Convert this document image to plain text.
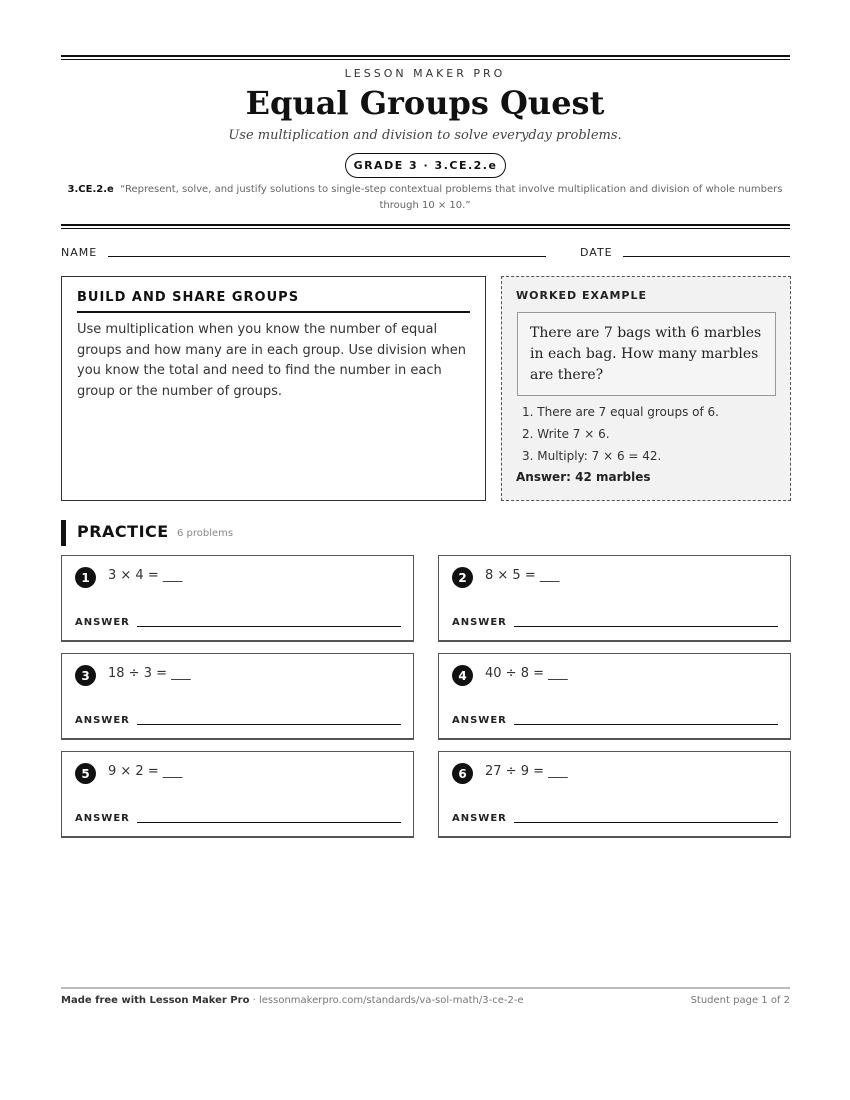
LESSON MAKER PRO
Equal Groups Quest
Use multiplication and division to solve everyday problems.
GRADE 3 · 3.CE.2.e
3.CE.2.e “Represent, solve, and justify solutions to single-step contextual problems that involve multiplication and division of whole numbers through 10 × 10.”
NAME	DATE
BUILD AND SHARE GROUPS
Use multiplication when you know the number of equal groups and how many are in each group. Use division when you know the total and need to find the number in each group or the number of groups.
WORKED EXAMPLE
There are 7 bags with 6 marbles in each bag. How many marbles are there?
1. There are 7 equal groups of 6.
2. Write 7 × 6.
3. Multiply: 7 × 6 = 42.
Answer: 42 marbles
PRACTICE 6 problems
1	3 × 4 = ___
ANSWER
2	8 × 5 = ___
ANSWER
3	18 ÷ 3 = ___
ANSWER
4	40 ÷ 8 = ___
ANSWER
5	9 × 2 = ___
ANSWER
6	27 ÷ 9 = ___
ANSWER
Made free with Lesson Maker Pro · lessonmakerpro.com/standards/va-sol-math/3-ce-2-e	Student page 1 of 2
